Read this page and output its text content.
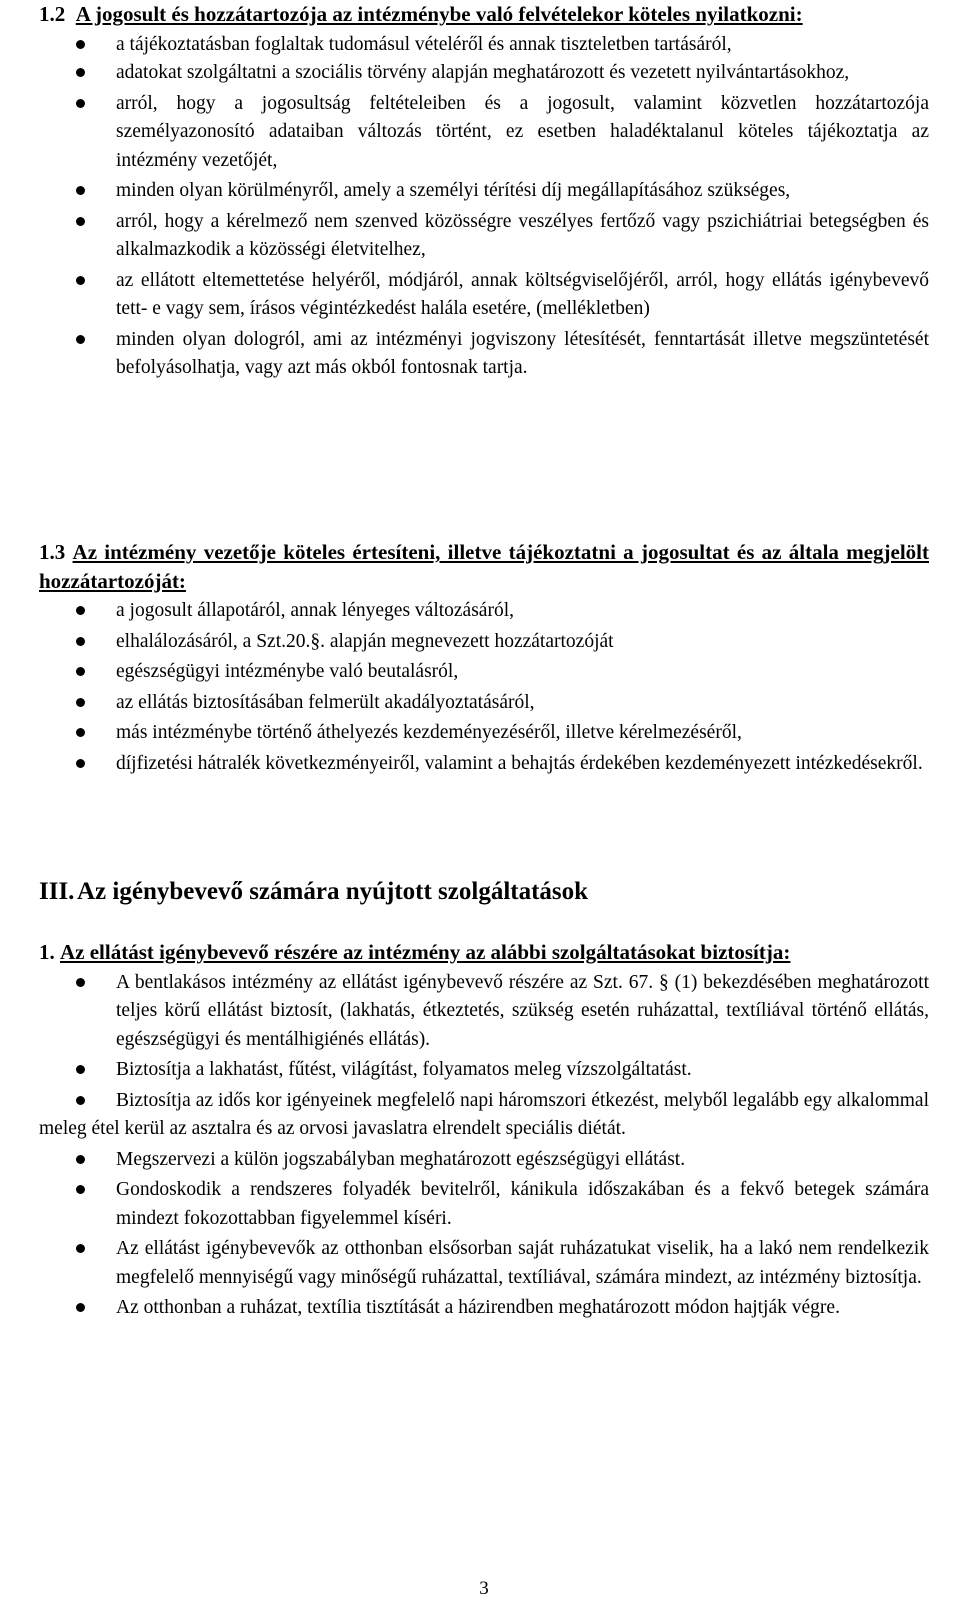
1.2 A jogosult és hozzátartozója az intézménybe való felvételekor köteles nyilatkozni:
a tájékoztatásban foglaltak tudomásul vételéről és annak tiszteletben tartásáról,
adatokat szolgáltatni a szociális törvény alapján meghatározott és vezetett nyilvántartásokhoz,
arról, hogy a jogosultság feltételeiben és a jogosult, valamint közvetlen hozzátartozója személyazonosító adataiban változás történt, ez esetben haladéktalanul köteles tájékoztatja az intézmény vezetőjét,
minden olyan körülményről, amely a személyi térítési díj megállapításához szükséges,
arról, hogy a kérelmező nem szenved közösségre veszélyes fertőző vagy pszichiátriai betegségben és alkalmazkodik a közösségi életvitelhez,
az ellátott eltemettetése helyéről, módjáról, annak költségviselőjéről, arról, hogy ellátás igénybevevő tett- e vagy sem, írásos végintézkedést halála esetére, (mellékletben)
minden olyan dologról, ami az intézményi jogviszony létesítését, fenntartását illetve megszüntetését befolyásolhatja, vagy azt más okból fontosnak tartja.
1.3 Az intézmény vezetője köteles értesíteni, illetve tájékoztatni a jogosultat és az általa megjelölt hozzátartozóját:
a jogosult állapotáról, annak lényeges változásáról,
elhalálozásáról, a Szt.20.§. alapján megnevezett hozzátartozóját
egészségügyi intézménybe való beutalásról,
az ellátás biztosításában felmerült akadályoztatásáról,
más intézménybe történő áthelyezés kezdeményezéséről, illetve kérelmezéséről,
díjfizetési hátralék következményeiről, valamint a behajtás érdekében kezdeményezett intézkedésekről.
III. Az igénybevevő számára nyújtott szolgáltatások
1. Az ellátást igénybevevő részére az intézmény az alábbi szolgáltatásokat biztosítja:
A bentlakásos intézmény az ellátást igénybevevő részére az Szt. 67. § (1) bekezdésében meghatározott teljes körű ellátást biztosít, (lakhatás, étkeztetés, szükség esetén ruházattal, textíliával történő ellátás, egészségügyi és mentálhigiénés ellátás).
Biztosítja a lakhatást, fűtést, világítást, folyamatos meleg vízszolgáltatást.
Biztosítja az idős kor igényeinek megfelelő napi háromszori étkezést, melyből legalább egy alkalommal meleg étel kerül az asztalra és az orvosi javaslatra elrendelt speciális diétát.
Megszervezi a külön jogszabályban meghatározott egészségügyi ellátást.
Gondoskodik a rendszeres folyadék bevitelről, kánikula időszakában és a fekvő betegek számára mindezt fokozottabban figyelemmel kíséri.
Az ellátást igénybevevők az otthonban elsősorban saját ruházatukat viselik, ha a lakó nem rendelkezik megfelelő mennyiségű vagy minőségű ruházattal, textíliával, számára mindezt, az intézmény biztosítja.
Az otthonban a ruházat, textília tisztítását a házirendben meghatározott módon hajtják végre.
3
